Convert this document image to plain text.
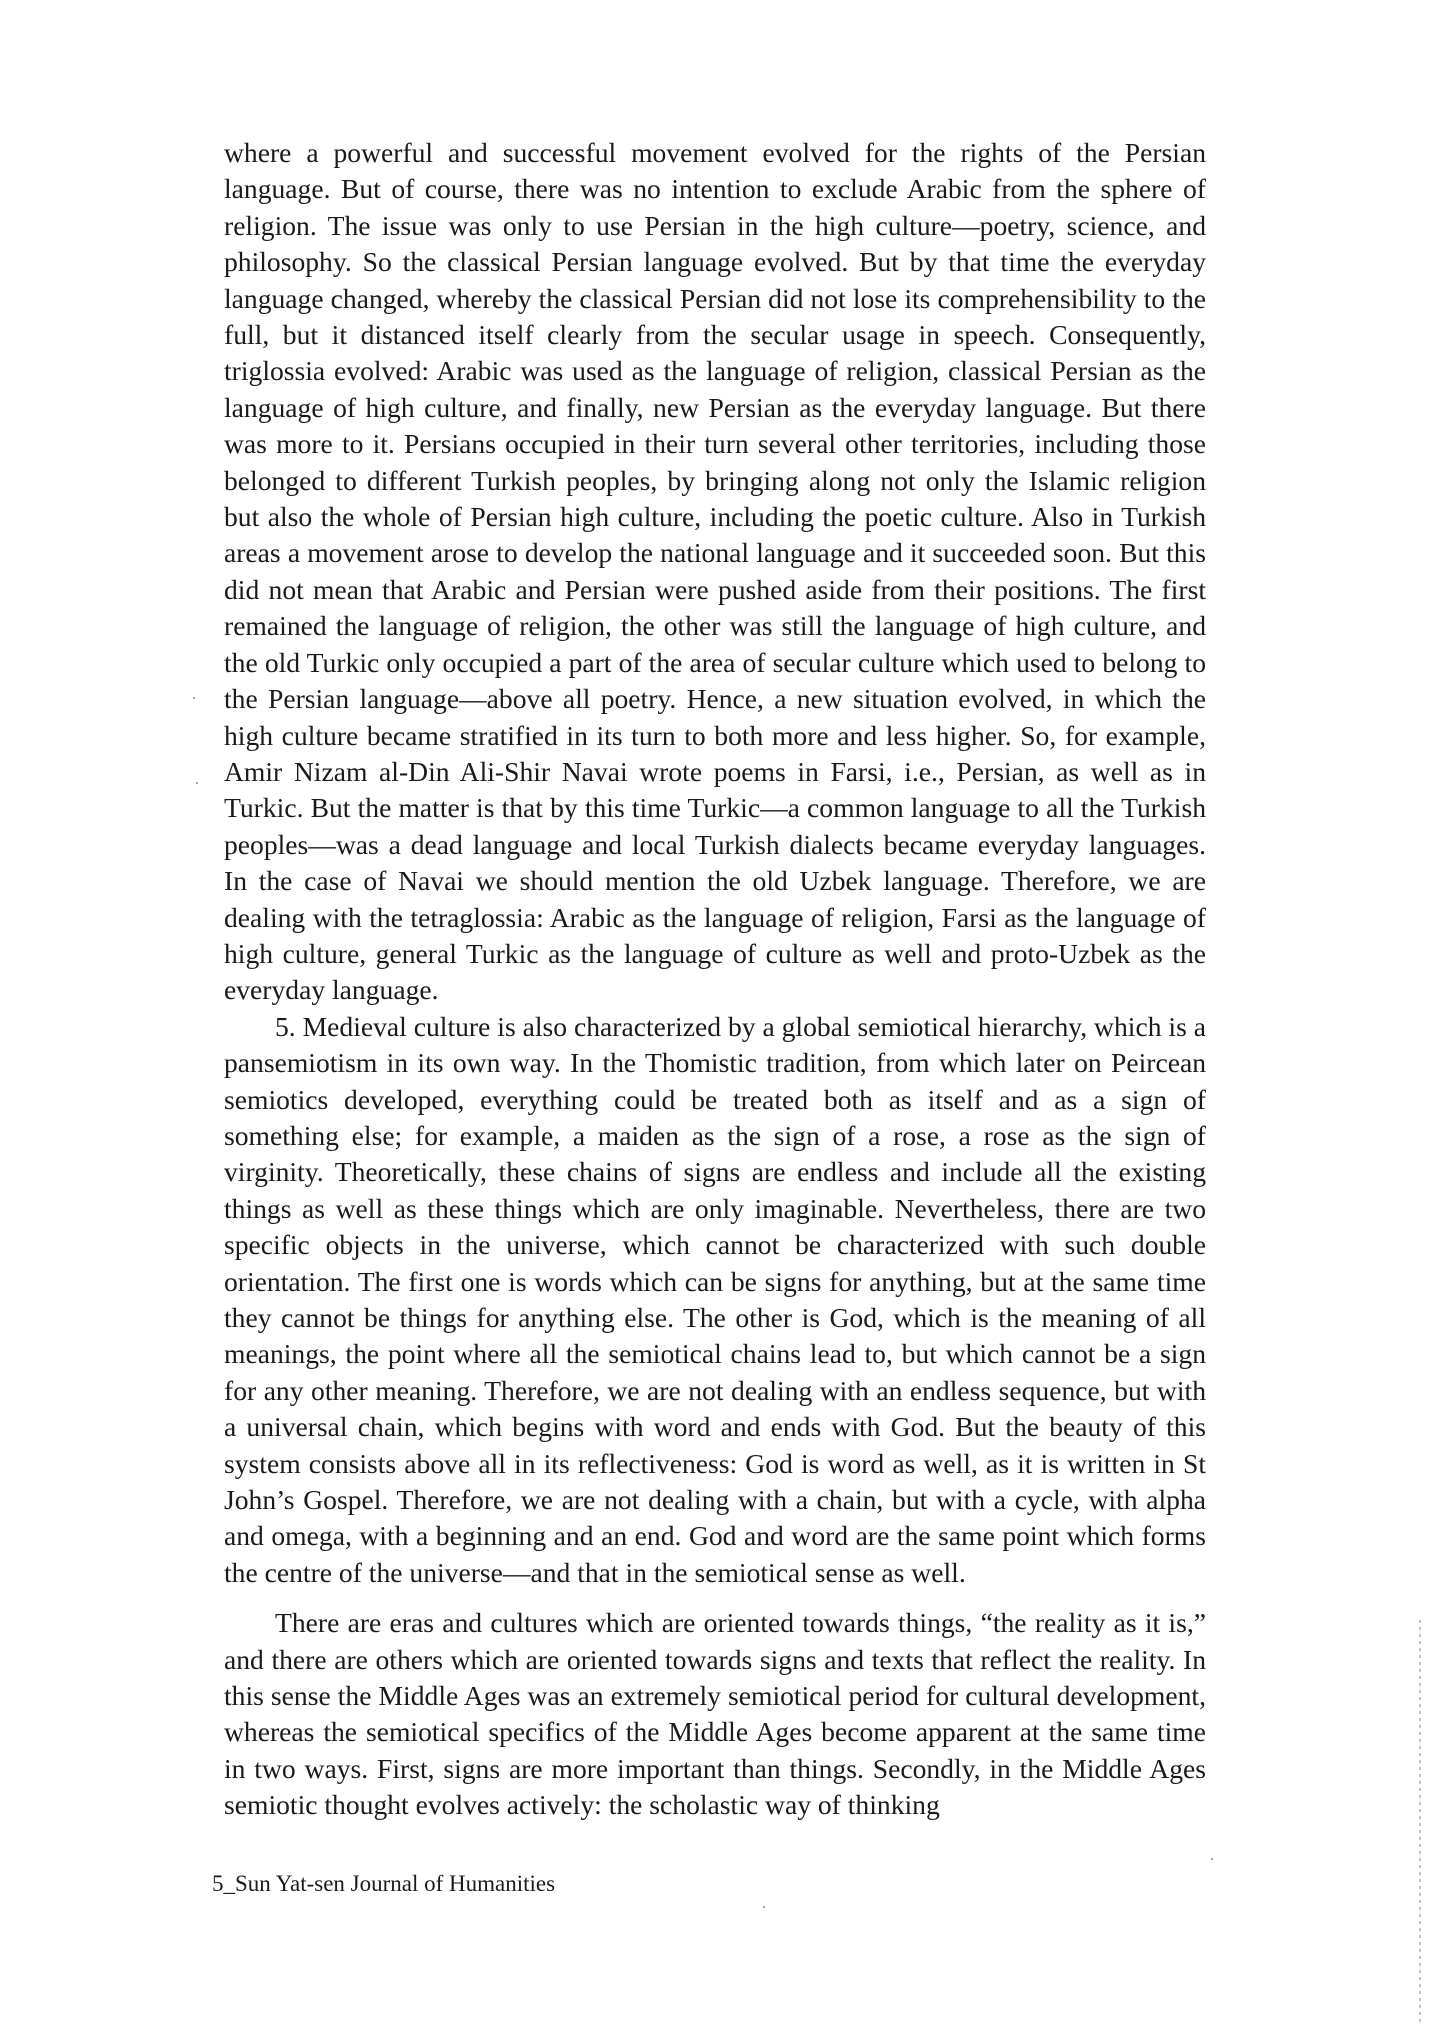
where a powerful and successful movement evolved for the rights of the Persian language. But of course, there was no intention to exclude Arabic from the sphere of religion. The issue was only to use Persian in the high culture—poetry, science, and philosophy. So the classical Persian language evolved. But by that time the everyday language changed, whereby the classical Persian did not lose its comprehensibility to the full, but it distanced itself clearly from the secular usage in speech. Consequently, triglossia evolved: Arabic was used as the language of religion, classical Persian as the language of high culture, and finally, new Persian as the everyday language. But there was more to it. Persians occupied in their turn several other territories, including those belonged to different Turkish peoples, by bringing along not only the Islamic religion but also the whole of Persian high culture, including the poetic culture. Also in Turkish areas a movement arose to develop the national language and it succeeded soon. But this did not mean that Arabic and Persian were pushed aside from their positions. The first remained the language of religion, the other was still the language of high culture, and the old Turkic only occupied a part of the area of secular culture which used to belong to the Persian language—above all poetry. Hence, a new situation evolved, in which the high culture became stratified in its turn to both more and less higher. So, for example, Amir Nizam al-Din Ali-Shir Navai wrote poems in Farsi, i.e., Persian, as well as in Turkic. But the matter is that by this time Turkic—a common language to all the Turkish peoples—was a dead language and local Turkish dialects became everyday languages. In the case of Navai we should mention the old Uzbek language. Therefore, we are dealing with the tetraglossia: Arabic as the language of religion, Farsi as the language of high culture, general Turkic as the language of culture as well and proto-Uzbek as the everyday language.

5. Medieval culture is also characterized by a global semiotical hierarchy, which is a pansemiotism in its own way. In the Thomistic tradition, from which later on Peircean semiotics developed, everything could be treated both as itself and as a sign of something else; for example, a maiden as the sign of a rose, a rose as the sign of virginity. Theoretically, these chains of signs are endless and include all the existing things as well as these things which are only imaginable. Nevertheless, there are two specific objects in the universe, which cannot be characterized with such double orientation. The first one is words which can be signs for anything, but at the same time they cannot be things for anything else. The other is God, which is the meaning of all meanings, the point where all the semiotical chains lead to, but which cannot be a sign for any other meaning. Therefore, we are not dealing with an endless sequence, but with a universal chain, which begins with word and ends with God. But the beauty of this system consists above all in its reflectiveness: God is word as well, as it is written in St John’s Gospel. Therefore, we are not dealing with a chain, but with a cycle, with alpha and omega, with a beginning and an end. God and word are the same point which forms the centre of the universe—and that in the semiotical sense as well.

There are eras and cultures which are oriented towards things, “the reality as it is,” and there are others which are oriented towards signs and texts that reflect the reality. In this sense the Middle Ages was an extremely semiotical period for cultural development, whereas the semiotical specifics of the Middle Ages become apparent at the same time in two ways. First, signs are more important than things. Secondly, in the Middle Ages semiotic thought evolves actively: the scholastic way of thinking

5_Sun Yat-sen Journal of Humanities
